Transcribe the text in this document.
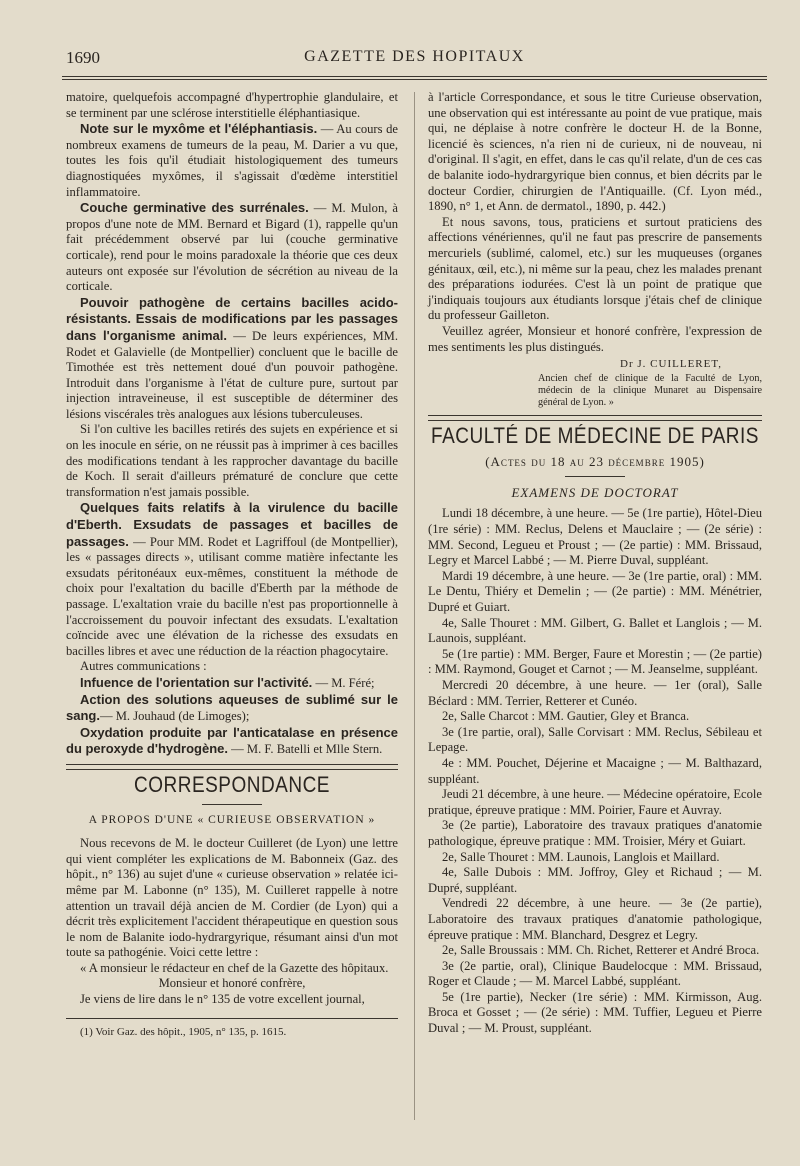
1690	GAZETTE DES HOPITAUX

matoire, quelquefois accompagné d'hypertrophie glandulaire, et se terminent par une sclérose interstitielle éléphantiasique.

Note sur le myxôme et l'éléphantiasis. — Au cours de nombreux examens de tumeurs de la peau, M. Darier a vu que, toutes les fois qu'il étudiait histologiquement des tumeurs diagnostiquées myxômes, il s'agissait d'œdème interstitiel inflammatoire.

Couche germinative des surrénales. — M. Mulon, à propos d'une note de MM. Bernard et Bigard (1), rappelle qu'un fait précédemment observé par lui (couche germinative corticale), rend pour le moins paradoxale la théorie que ces deux auteurs ont exposée sur l'évolution de sécrétion au niveau de la corticale.

Pouvoir pathogène de certains bacilles acido-résistants. Essais de modifications par les passages dans l'organisme animal. — De leurs expériences, MM. Rodet et Galavielle (de Montpellier) concluent que le bacille de Timothée est très nettement doué d'un pouvoir pathogène. Introduit dans l'organisme à l'état de culture pure, surtout par injection intraveineuse, il est susceptible de déterminer des lésions viscérales très analogues aux lésions tuberculeuses.

Si l'on cultive les bacilles retirés des sujets en expérience et si on les inocule en série, on ne réussit pas à imprimer à ces bacilles des modifications tendant à les rapprocher davantage du bacille de Koch. Il serait d'ailleurs prématuré de conclure que cette transformation n'est jamais possible.

Quelques faits relatifs à la virulence du bacille d'Eberth. Exsudats de passages et bacilles de passages. — Pour MM. Rodet et Lagriffoul (de Montpellier), les « passages directs », utilisant comme matière infectante les exsudats péritonéaux eux-mêmes, constituent la méthode de choix pour l'exaltation du bacille d'Eberth par la méthode de passage. L'exaltation vraie du bacille n'est pas proportionnelle à l'accroissement du pouvoir infectant des exsudats. L'exaltation coïncide avec une élévation de la richesse des exsudats en bacilles libres et avec une réduction de la réaction phagocytaire.

Autres communications :

Infuence de l'orientation sur l'activité. — M. Féré;

Action des solutions aqueuses de sublimé sur le sang.— M. Jouhaud (de Limoges);

Oxydation produite par l'anticatalase en présence du peroxyde d'hydrogène. — M. F. Batelli et Mlle Stern.

CORRESPONDANCE
A PROPOS D'UNE « CURIEUSE OBSERVATION »

Nous recevons de M. le docteur Cuilleret (de Lyon) une lettre qui vient compléter les explications de M. Babonneix (Gaz. des hôpit., n° 136) au sujet d'une « curieuse observation » relatée ici-même par M. Labonne (n° 135), M. Cuilleret rappelle à notre attention un travail déjà ancien de M. Cordier (de Lyon) qui a décrit très explicitement l'accident thérapeutique en question sous le nom de Balanite iodo-hydrargyrique, résumant ainsi d'un mot toute sa pathogénie. Voici cette lettre :

« A monsieur le rédacteur en chef de la Gazette des hôpitaux.

Monsieur et honoré confrère,

Je viens de lire dans le n° 135 de votre excellent journal,

(1) Voir Gaz. des hôpit., 1905, n° 135, p. 1615.

à l'article Correspondance, et sous le titre Curieuse observation, une observation qui est intéressante au point de vue pratique, mais qui, ne déplaise à notre confrère le docteur H. de la Bonne, licencié ès sciences, n'a rien ni de curieux, ni de nouveau, ni d'original. Il s'agit, en effet, dans le cas qu'il relate, d'un de ces cas de balanite iodo-hydrargyrique bien connus, et bien décrits par le docteur Cordier, chirurgien de l'Antiquaille. (Cf. Lyon méd., 1890, n° 1, et Ann. de dermatol., 1890, p. 442.)

Et nous savons, tous, praticiens et surtout praticiens des affections vénériennes, qu'il ne faut pas prescrire de pansements mercuriels (sublimé, calomel, etc.) sur les muqueuses (organes génitaux, œil, etc.), ni même sur la peau, chez les malades prenant des préparations iodurées. C'est là un point de pratique que j'indiquais toujours aux étudiants lorsque j'étais chef de clinique du professeur Gailleton.

Veuillez agréer, Monsieur et honoré confrère, l'expression de mes sentiments les plus distingués.

Dr J. CUILLERET,

Ancien chef de clinique de la Faculté de Lyon, médecin de la clinique Munaret au Dispensaire général de Lyon. »

FACULTÉ DE MÉDECINE DE PARIS
(Actes du 18 au 23 décembre 1905)
EXAMENS DE DOCTORAT

Lundi 18 décembre, à une heure. — 5e (1re partie), Hôtel-Dieu (1re série) : MM. Reclus, Delens et Mauclaire ; — (2e série) : MM. Second, Legueu et Proust ; — (2e partie) : MM. Brissaud, Legry et Marcel Labbé ; — M. Pierre Duval, suppléant.

Mardi 19 décembre, à une heure. — 3e (1re partie, oral) : MM. Le Dentu, Thiéry et Demelin ; — (2e partie) : MM. Ménétrier, Dupré et Guiart.

4e, Salle Thouret : MM. Gilbert, G. Ballet et Langlois ; — M. Launois, suppléant.

5e (1re partie) : MM. Berger, Faure et Morestin ; — (2e partie) : MM. Raymond, Gouget et Carnot ; — M. Jeanselme, suppléant.

Mercredi 20 décembre, à une heure. — 1er (oral), Salle Béclard : MM. Terrier, Retterer et Cunéo.

2e, Salle Charcot : MM. Gautier, Gley et Branca.

3e (1re partie, oral), Salle Corvisart : MM. Reclus, Sébileau et Lepage.

4e : MM. Pouchet, Déjerine et Macaigne ; — M. Balthazard, suppléant.

Jeudi 21 décembre, à une heure. — Médecine opératoire, Ecole pratique, épreuve pratique : MM. Poirier, Faure et Auvray.

3e (2e partie), Laboratoire des travaux pratiques d'anatomie pathologique, épreuve pratique : MM. Troisier, Méry et Guiart.

2e, Salle Thouret : MM. Launois, Langlois et Maillard.

4e, Salle Dubois : MM. Joffroy, Gley et Richaud ; — M. Dupré, suppléant.

Vendredi 22 décembre, à une heure. — 3e (2e partie), Laboratoire des travaux pratiques d'anatomie pathologique, épreuve pratique : MM. Blanchard, Desgrez et Legry.

2e, Salle Broussais : MM. Ch. Richet, Retterer et André Broca.

3e (2e partie, oral), Clinique Baudelocque : MM. Brissaud, Roger et Claude ; — M. Marcel Labbé, suppléant.

5e (1re partie), Necker (1re série) : MM. Kirmisson, Aug. Broca et Gosset ; — (2e série) : MM. Tuffier, Legueu et Pierre Duval ; — M. Proust, suppléant.
